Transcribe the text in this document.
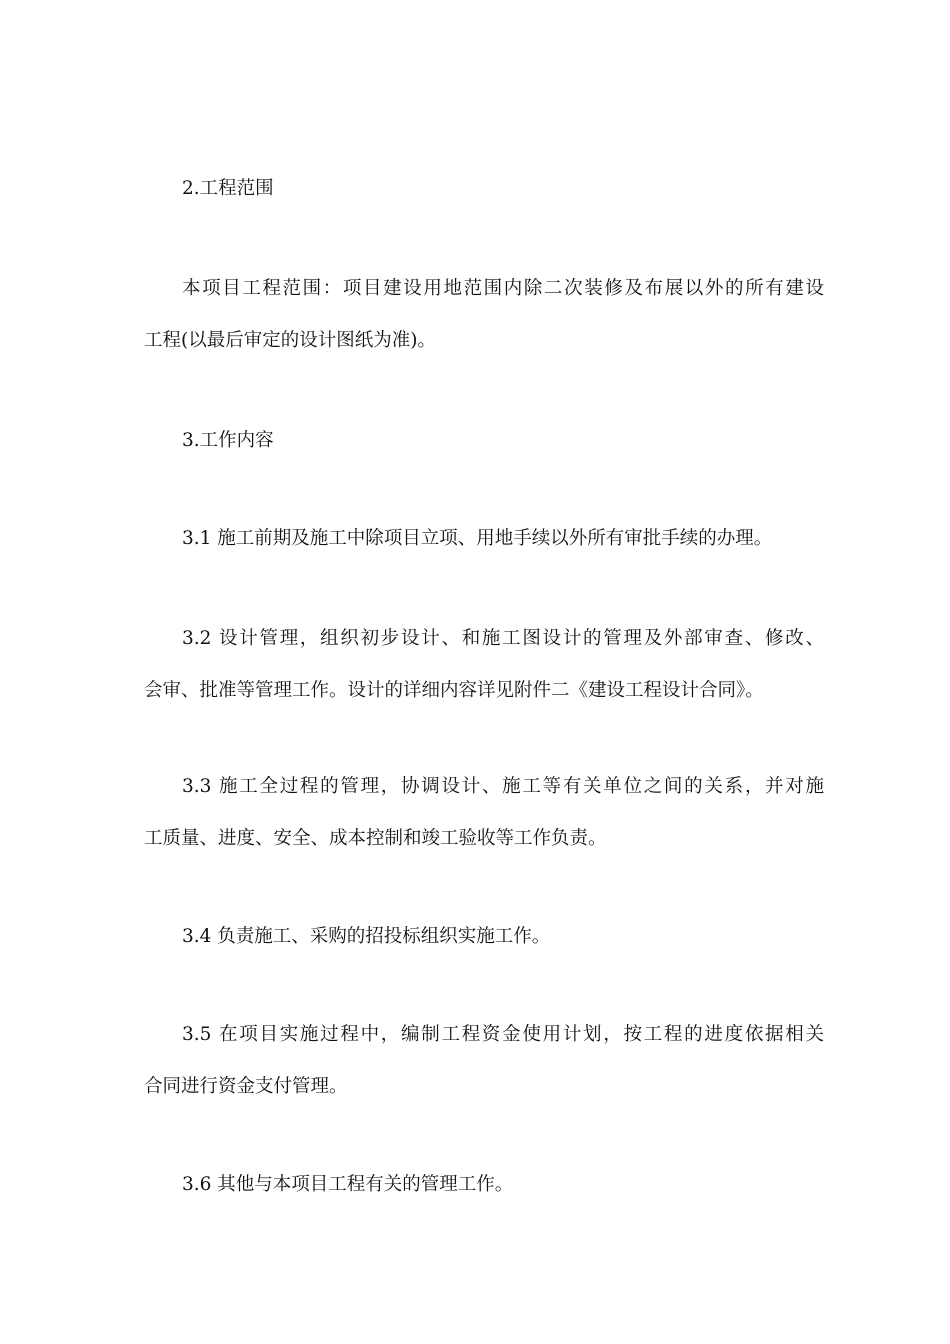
2.工程范围
本项目工程范围：项目建设用地范围内除二次装修及布展以外的所有建设
工程(以最后审定的设计图纸为准)。
3.工作内容
3.1 施工前期及施工中除项目立项、用地手续以外所有审批手续的办理。
3.2 设计管理，组织初步设计、和施工图设计的管理及外部审查、修改、
会审、批准等管理工作。设计的详细内容详见附件二《建设工程设计合同》。
3.3 施工全过程的管理，协调设计、施工等有关单位之间的关系，并对施
工质量、进度、安全、成本控制和竣工验收等工作负责。
3.4 负责施工、采购的招投标组织实施工作。
3.5 在项目实施过程中，编制工程资金使用计划，按工程的进度依据相关
合同进行资金支付管理。
3.6 其他与本项目工程有关的管理工作。
